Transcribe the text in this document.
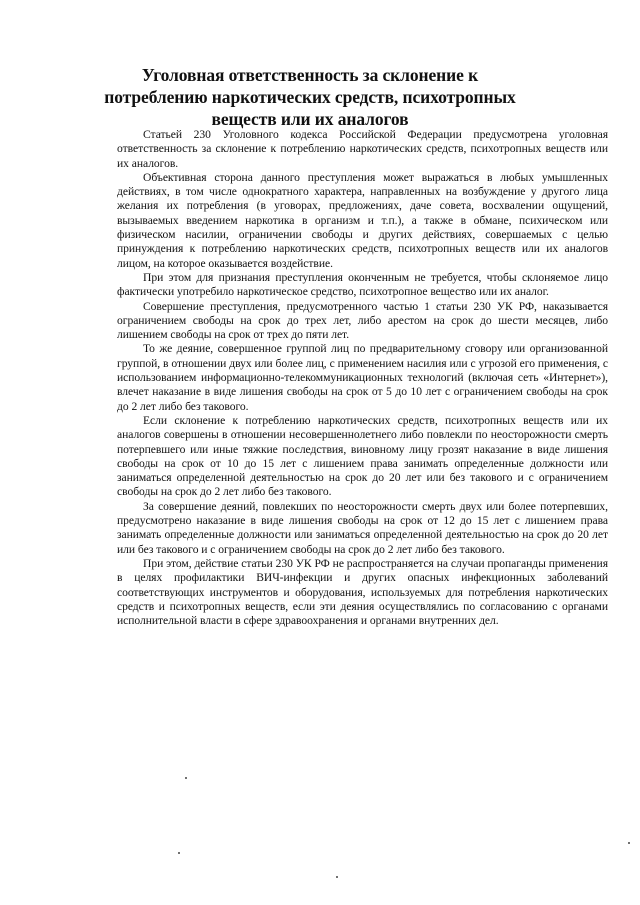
Уголовная ответственность за склонение к потреблению наркотических средств, психотропных веществ или их аналогов

Статьей 230 Уголовного кодекса Российской Федерации предусмотрена уголовная ответственность за склонение к потреблению наркотических средств, психотропных веществ или их аналогов.

Объективная сторона данного преступления может выражаться в любых умышленных действиях, в том числе однократного характера, направленных на возбуждение у другого лица желания их потребления (в уговорах, предложениях, даче совета, восхвалении ощущений, вызываемых введением наркотика в организм и т.п.), а также в обмане, психическом или физическом насилии, ограничении свободы и других действиях, совершаемых с целью принуждения к потреблению наркотических средств, психотропных веществ или их аналогов лицом, на которое оказывается воздействие.

При этом для признания преступления оконченным не требуется, чтобы склоняемое лицо фактически употребило наркотическое средство, психотропное вещество или их аналог.

Совершение преступления, предусмотренного частью 1 статьи 230 УК РФ, наказывается ограничением свободы на срок до трех лет, либо арестом на срок до шести месяцев, либо лишением свободы на срок от трех до пяти лет.

То же деяние, совершенное группой лиц по предварительному сговору или организованной группой, в отношении двух или более лиц, с применением насилия или с угрозой его применения, с использованием информационно-телекоммуникационных технологий (включая сеть «Интернет»), влечет наказание в виде лишения свободы на срок от 5 до 10 лет с ограничением свободы на срок до 2 лет либо без такового.

Если склонение к потреблению наркотических средств, психотропных веществ или их аналогов совершены в отношении несовершеннолетнего либо повлекли по неосторожности смерть потерпевшего или иные тяжкие последствия, виновному лицу грозят наказание в виде лишения свободы на срок от 10 до 15 лет с лишением права занимать определенные должности или заниматься определенной деятельностью на срок до 20 лет или без такового и с ограничением свободы на срок до 2 лет либо без такового.

За совершение деяний, повлекших по неосторожности смерть двух или более потерпевших, предусмотрено наказание в виде лишения свободы на срок от 12 до 15 лет с лишением права занимать определенные должности или заниматься определенной деятельностью на срок до 20 лет или без такового и с ограничением свободы на срок до 2 лет либо без такового.

При этом, действие статьи 230 УК РФ не распространяется на случаи пропаганды применения в целях профилактики ВИЧ-инфекции и других опасных инфекционных заболеваний соответствующих инструментов и оборудования, используемых для потребления наркотических средств и психотропных веществ, если эти деяния осуществлялись по согласованию с органами исполнительной власти в сфере здравоохранения и органами внутренних дел.
